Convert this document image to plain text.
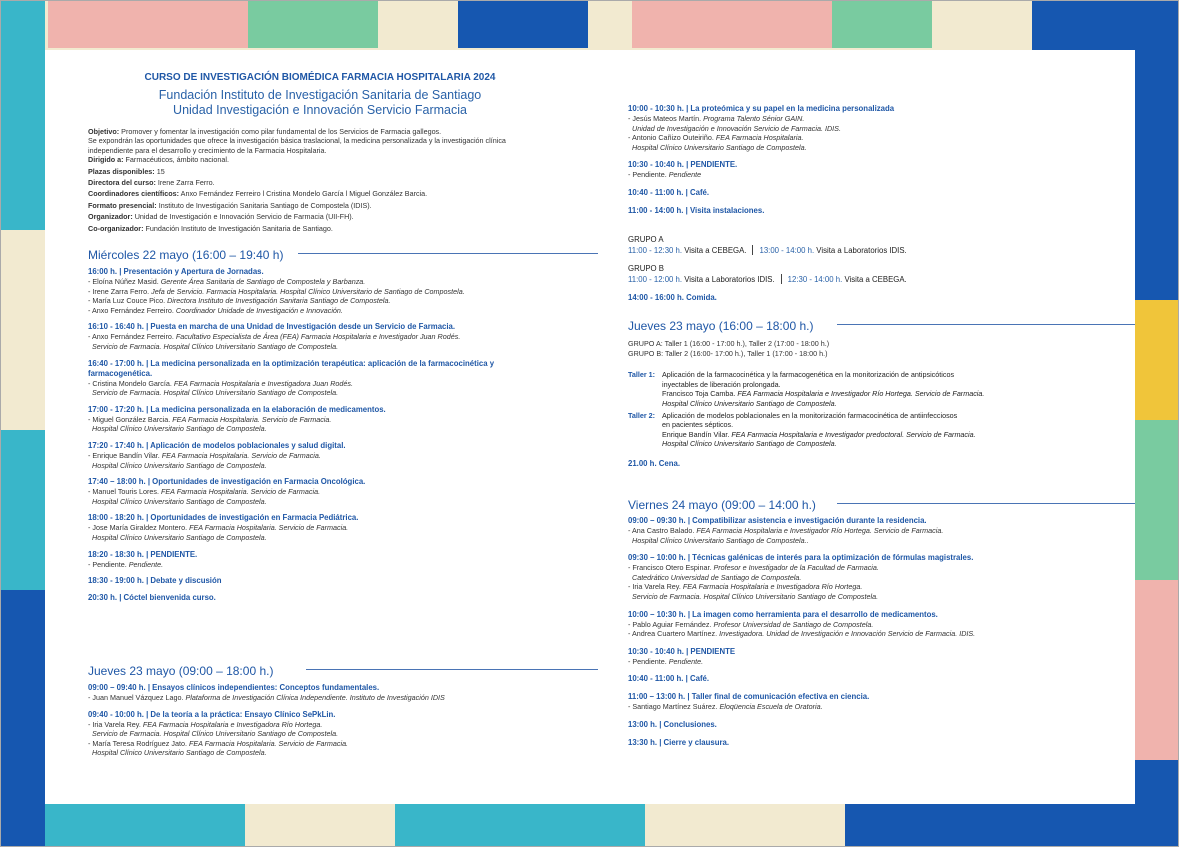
CURSO DE INVESTIGACIÓN BIOMÉDICA FARMACIA HOSPITALARIA 2024
Fundación Instituto de Investigación Sanitaria de Santiago
Unidad Investigación e Innovación Servicio Farmacia

Objetivo: Promover y fomentar la investigación como pilar fundamental de los Servicios de Farmacia gallegos.

Se expondrán las oportunidades que ofrece la investigación básica traslacional, la medicina personalizada y la investigación clínica

independiente para el desarrollo y crecimiento de la Farmacia Hospitalaria.

Dirigido a: Farmacéuticos, ámbito nacional.

Plazas disponibles: 15

Directora del curso: Irene Zarra Ferro.

Coordinadores científicos: Anxo Fernández Ferreiro l Cristina Mondelo García l Miguel González Barcia.

Formato presencial: Instituto de Investigación Sanitaria Santiago de Compostela (IDIS).

Organizador: Unidad de Investigación e Innovación Servicio de Farmacia (UII-FH).

Co-organizador: Fundación Instituto de Investigación Sanitaria de Santiago.

Miércoles 22 mayo (16:00 – 19:40 h)
16:00 h. | Presentación y Apertura de Jornadas.
- Eloína Núñez Masid. Gerente Área Sanitaria de Santiago de Compostela y Barbanza.
- Irene Zarra Ferro. Jefa de Servicio. Farmacia Hospitalaria. Hospital Clínico Universitario de Santiago de Compostela.
- María Luz Couce Pico. Directora Instituto de Investigación Sanitaria Santiago de Compostela.
- Anxo Fernández Ferreiro. Coordinador Unidade de Investigación e Innovación.
16:10 - 16:40 h. | Puesta en marcha de una Unidad de Investigación desde un Servicio de Farmacia.
- Anxo Fernández Ferreiro. Facultativo Especialista de Área (FEA) Farmacia Hospitalaria e Investigador Juan Rodés.
Servicio de Farmacia. Hospital Clínico Universitario Santiago de Compostela.
16:40 - 17:00 h. | La medicina personalizada en la optimización terapéutica: aplicación de la farmacocinética y
farmacogenética.
- Cristina Mondelo García. FEA Farmacia Hospitalaria e Investigadora Juan Rodés.
Servicio de Farmacia. Hospital Clínico Universitario Santiago de Compostela.
17:00 - 17:20 h. | La medicina personalizada en la elaboración de medicamentos.
- Miguel González Barcia. FEA Farmacia Hospitalaria. Servicio de Farmacia.
Hospital Clínico Universitario Santiago de Compostela.
17:20 - 17:40 h. | Aplicación de modelos poblacionales y salud digital.
- Enrique Bandín Vilar. FEA Farmacia Hospitalaria. Servicio de Farmacia.
Hospital Clínico Universitario Santiago de Compostela.
17:40 – 18:00 h. | Oportunidades de investigación en Farmacia Oncológica.
- Manuel Touris Lores. FEA Farmacia Hospitalaria. Servicio de Farmacia.
Hospital Clínico Universitario Santiago de Compostela.
18:00 - 18:20 h. | Oportunidades de investigación en Farmacia Pediátrica.
- Jose María Giraldez Montero. FEA Farmacia Hospitalaria. Servicio de Farmacia.
Hospital Clínico Universitario Santiago de Compostela.
18:20 - 18:30 h. | PENDIENTE.
- Pendiente. Pendiente.
18:30 - 19:00 h. | Debate y discusión
20:30 h. | Cóctel bienvenida curso.
Jueves 23 mayo (09:00 – 18:00 h.)
09:00 – 09:40 h. | Ensayos clínicos independientes: Conceptos fundamentales.
- Juan Manuel Vázquez Lago. Plataforma de Investigación Clínica Independiente. Instituto de Investigación IDIS
09:40 - 10:00 h. | De la teoría a la práctica: Ensayo Clínico SePkLin.
- Iria Varela Rey. FEA Farmacia Hospitalaria e Investigadora Río Hortega.
Servicio de Farmacia. Hospital Clínico Universitario Santiago de Compostela.
- María Teresa Rodríguez Jato. FEA Farmacia Hospitalaria. Servicio de Farmacia.
Hospital Clínico Universitario Santiago de Compostela.
10:00 - 10:30 h. | La proteómica y su papel en la medicina personalizada
- Jesús Mateos Martín. Programa Talento Sénior GAIN.
Unidad de Investigación e Innovación Servicio de Farmacia. IDIS.
- Antonio Cañizo Outeiriño. FEA Farmacia Hospitalaria.
Hospital Clínico Universitario Santiago de Compostela.
10:30 - 10:40 h. | PENDIENTE.
- Pendiente. Pendiente
10:40 - 11:00 h. | Café.
11:00 - 14:00 h. | Visita instalaciones.
GRUPO A
11:00 - 12:30 h. Visita a CEBEGA. 13:00 - 14:00 h. Visita a Laboratorios IDIS.
GRUPO B
11:00 - 12:00 h. Visita a Laboratorios IDIS. 12:30 - 14:00 h. Visita a CEBEGA.
14:00 - 16:00 h. Comida.
Jueves 23 mayo (16:00 – 18:00 h.)
GRUPO A: Taller 1 (16:00 - 17:00 h.), Taller 2 (17:00 - 18:00 h.)
GRUPO B: Taller 2 (16:00- 17:00 h.), Taller 1 (17:00 - 18:00 h.)
Taller 1: Aplicación de la farmacocinética y la farmacogenética en la monitorización de antipsicóticos
inyectables de liberación prolongada.
Francisco Toja Camba. FEA Farmacia Hospitalaria e Investigador Río Hortega. Servicio de Farmacia.
Hospital Clínico Universitario Santiago de Compostela.
Taller 2: Aplicación de modelos poblacionales en la monitorización farmacocinética de antiinfecciosos
en pacientes sépticos.
Enrique Bandín Vilar. FEA Farmacia Hospitalaria e Investigador predoctoral. Servicio de Farmacia.
Hospital Clínico Universitario Santiago de Compostela.
21.00 h. Cena.
Viernes 24 mayo (09:00 – 14:00 h.)
09:00 – 09:30 h. | Compatibilizar asistencia e investigación durante la residencia.
- Ana Castro Balado. FEA Farmacia Hospitalaria e Investigador Río Hortega. Servicio de Farmacia.
Hospital Clínico Universitario Santiago de Compostela..
09:30 – 10:00 h. | Técnicas galénicas de interés para la optimización de fórmulas magistrales.
- Francisco Otero Espinar. Profesor e Investigador de la Facultad de Farmacia.
Catedrático Universidad de Santiago de Compostela.
- Iria Varela Rey. FEA Farmacia Hospitalaria e Investigadora Río Hortega.
Servicio de Farmacia. Hospital Clínico Universitario Santiago de Compostela.
10:00 – 10:30 h. | La imagen como herramienta para el desarrollo de medicamentos.
- Pablo Aguiar Fernández. Profesor Universidad de Santiago de Compostela.
- Andrea Cuartero Martínez. Investigadora. Unidad de Investigación e Innovación Servicio de Farmacia. IDIS.
10:30 - 10:40 h. | PENDIENTE
- Pendiente. Pendiente.
10:40 - 11:00 h. | Café.
11:00 – 13:00 h. | Taller final de comunicación efectiva en ciencia.
- Santiago Martínez Suárez. Eloqüencia Escuela de Oratoria.
13:00 h. | Conclusiones.
13:30 h. | Cierre y clausura.
